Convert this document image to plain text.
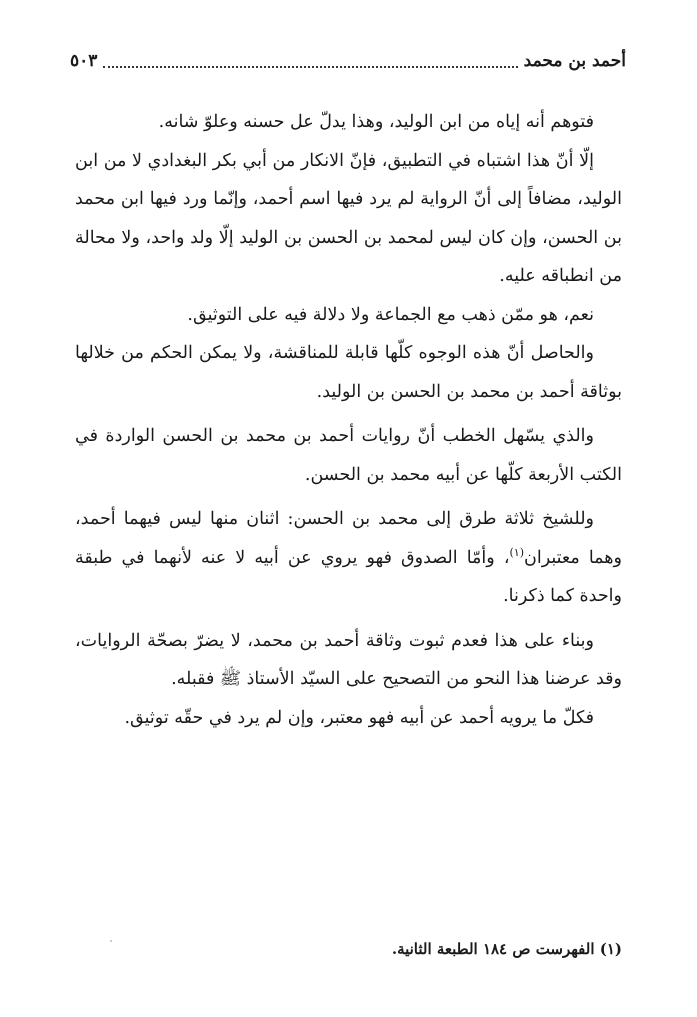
أحمد بن محمد
٥٠٣

فتوهم أنه إياه من ابن الوليد، وهذا يدلّ عل حسنه وعلوّ شانه.

إلّا أنّ هذا اشتباه في التطبيق، فإنّ الانكار من أبي بكر البغدادي لا من ابن الوليد، مضافاً إلى أنّ الرواية لم يرد فيها اسم أحمد، وإنّما ورد فيها ابن محمد بن الحسن، وإن كان ليس لمحمد بن الحسن بن الوليد إلّا ولد واحد، ولا محالة من انطباقه عليه.

نعم، هو ممّن ذهب مع الجماعة ولا دلالة فيه على التوثيق.

والحاصل أنّ هذه الوجوه كلّها قابلة للمناقشة، ولا يمكن الحكم من خلالها بوثاقة أحمد بن محمد بن الحسن بن الوليد.

والذي يسّهل الخطب أنّ روايات أحمد بن محمد بن الحسن الواردة في الكتب الأربعة كلّها عن أبيه محمد بن الحسن.

وللشيخ ثلاثة طرق إلى محمد بن الحسن: اثنان منها ليس فيهما أحمد، وهما معتبران$^{(١)}$، وأمّا الصدوق فهو يروي عن أبيه لا عنه لأنهما في طبقة واحدة كما ذكرنا.

وبناء على هذا فعدم ثبوت وثاقة أحمد بن محمد، لا يضرّ بصحّة الروايات، وقد عرضنا هذا النحو من التصحيح على السيّد الأستاذ ﷺ فقبله.

فكلّ ما يرويه أحمد عن أبيه فهو معتبر، وإن لم يرد في حقّه توثيق.

(١) الفهرست ص ١٨٤ الطبعة الثانية.
